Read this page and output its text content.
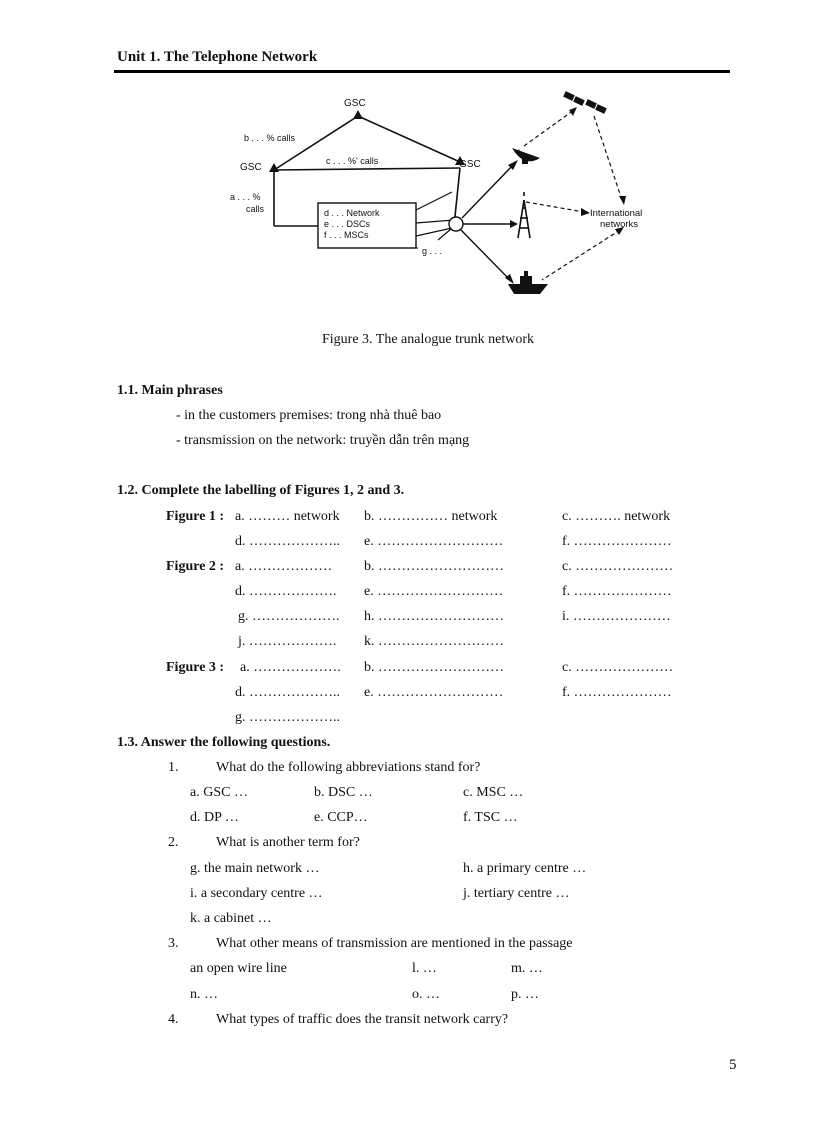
Unit 1. The Telephone Network
GSC
b . . . % calls
GSC
c . . . %' calls	GSC
a . . . %
calls	d . . . Network
e . . . DSCs
f . . . MSCs
g . . .
International
networks
Figure 3. The analogue trunk network
1.1. Main phrases
- in the customers premises: trong nhà thuê bao
- transmission on the network: truyền dẫn trên mạng
1.2. Complete the labelling of Figures 1, 2 and 3.
Figure 1 : a. ……… network b. …………… network	c. ………. network
d. ……………….. e. ………………………	f. …………………
Figure 2 : a. ……………… b. ………………………	c. …………………
d. ………………. e. ………………………	f. …………………
g. ………………. h. ………………………	i. …………………
j. ………………. k. ………………………
Figure 3 : a. ………………. b. ………………………	c. …………………
d. ……………….. e. ………………………	f. …………………
g. ………………..
1.3. Answer the following questions.
1.	What do the following abbreviations stand for?
a. GSC …	b. DSC …	c. MSC …
d. DP …	e. CCP…	f. TSC …
2.	What is another term for?
g. the main network …	h. a primary centre …
i. a secondary centre …	j. tertiary centre …
k. a cabinet …
3.	What other means of transmission are mentioned in the passage
an open wire line	l. …	m. …
n. …	o. …	p. …
4.	What types of traffic does the transit network carry?
5
